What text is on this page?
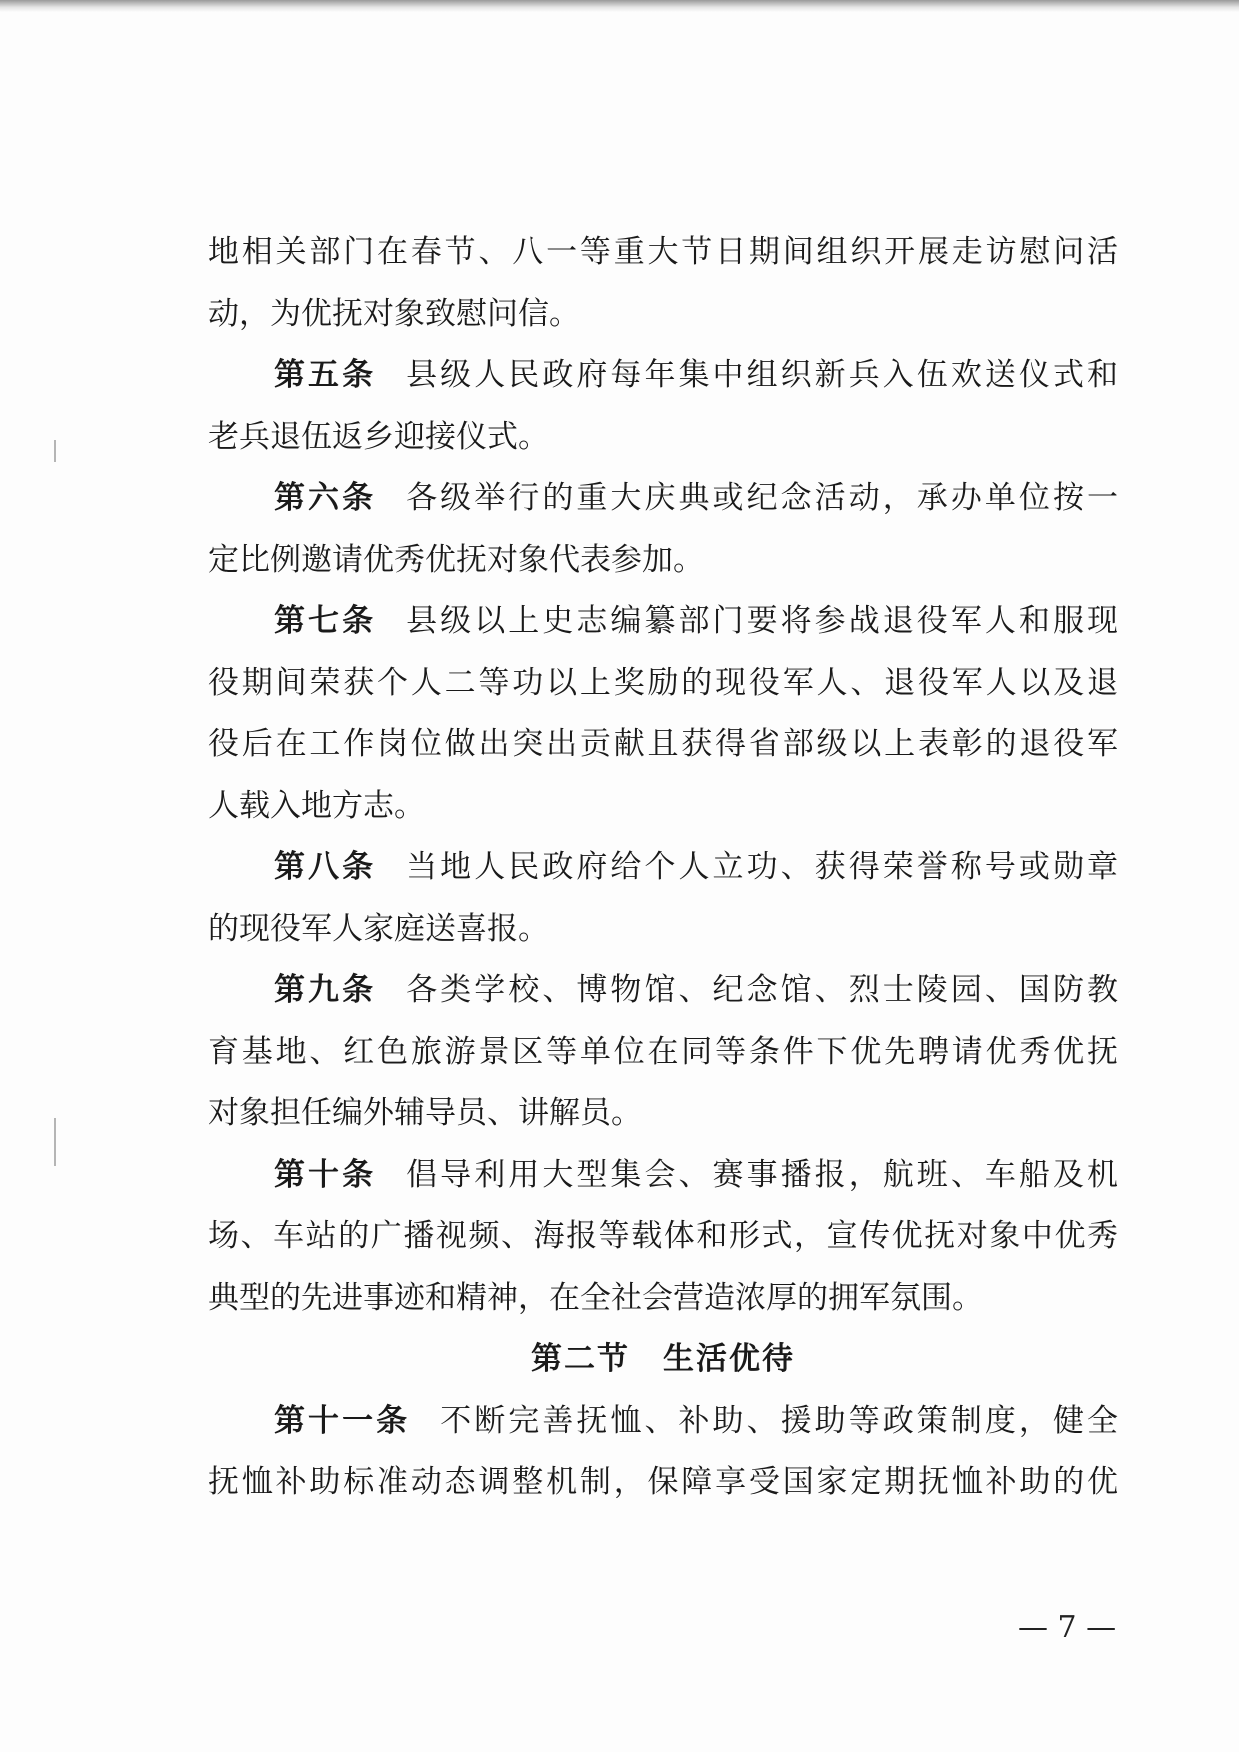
地相关部门在春节、八一等重大节日期间组织开展走访慰问活
动，为优抚对象致慰问信。
第五条 县级人民政府每年集中组织新兵入伍欢送仪式和
老兵退伍返乡迎接仪式。
第六条 各级举行的重大庆典或纪念活动，承办单位按一
定比例邀请优秀优抚对象代表参加。
第七条 县级以上史志编纂部门要将参战退役军人和服现
役期间荣获个人二等功以上奖励的现役军人、退役军人以及退
役后在工作岗位做出突出贡献且获得省部级以上表彰的退役军
人载入地方志。
第八条 当地人民政府给个人立功、获得荣誉称号或勋章
的现役军人家庭送喜报。
第九条 各类学校、博物馆、纪念馆、烈士陵园、国防教
育基地、红色旅游景区等单位在同等条件下优先聘请优秀优抚
对象担任编外辅导员、讲解员。
第十条 倡导利用大型集会、赛事播报，航班、车船及机
场、车站的广播视频、海报等载体和形式，宣传优抚对象中优秀
典型的先进事迹和精神，在全社会营造浓厚的拥军氛围。
第二节　生活优待
第十一条 不断完善抚恤、补助、援助等政策制度，健全
抚恤补助标准动态调整机制，保障享受国家定期抚恤补助的优
— 7 —
